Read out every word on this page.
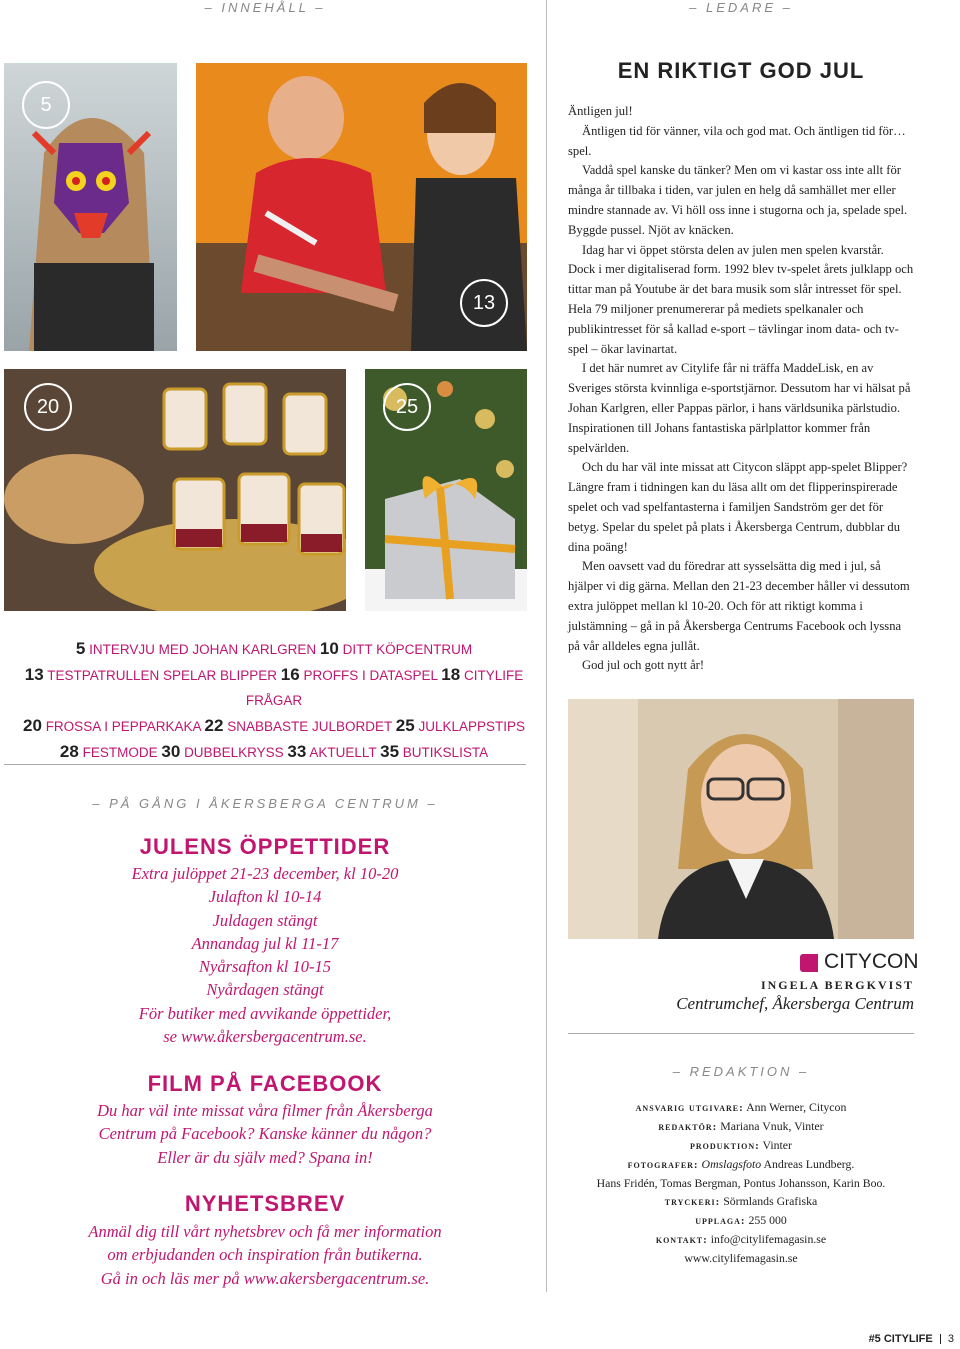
– INNEHÅLL –	– LEDARE –
5
13
20	25
5 INTERVJU MED JOHAN KARLGREN 10 DITT KÖPCENTRUM
13 TESTPATRULLEN SPELAR BLIPPER 16 PROFFS I DATASPEL 18 CITYLIFE FRÅGAR
20 FROSSA I PEPPARKAKA 22 SNABBASTE JULBORDET 25 JULKLAPPSTIPS
28 FESTMODE 30 DUBBELKRYSS 33 AKTUELLT 35 BUTIKSLISTA
EN RIKTIGT GOD JUL

Äntligen jul!

Äntligen tid för vänner, vila och god mat. Och äntligen tid för… spel.

Vaddå spel kanske du tänker? Men om vi kastar oss inte allt för många år tillbaka i tiden, var julen en helg då samhället mer eller mindre stannade av. Vi höll oss inne i stugorna och ja, spelade spel. Byggde pussel. Njöt av knäcken.

Idag har vi öppet största delen av julen men spelen kvarstår. Dock i mer digitaliserad form. 1992 blev tv-spelet årets julklapp och tittar man på Youtube är det bara musik som slår intresset för spel. Hela 79 miljoner prenumererar på mediets spelkanaler och publikintresset för så kallad e-sport – tävlingar inom data- och tv-spel – ökar lavinartat.

I det här numret av Citylife får ni träffa MaddeLisk, en av Sveriges största kvinnliga e-sportstjärnor. Dessutom har vi hälsat på Johan Karlgren, eller Pappas pärlor, i hans världsunika pärlstudio. Inspirationen till Johans fantastiska pärlplattor kommer från spelvärlden.

Och du har väl inte missat att Citycon släppt app-spelet Blipper? Längre fram i tidningen kan du läsa allt om det flipperinspirerade spelet och vad spelfantasterna i familjen Sandström ger det för betyg. Spelar du spelet på plats i Åkersberga Centrum, dubblar du dina poäng!

Men oavsett vad du föredrar att sysselsätta dig med i jul, så hjälper vi dig gärna. Mellan den 21-23 december håller vi dessutom extra julöppet mellan kl 10-20. Och för att riktigt komma i julstämning – gå in på Åkersberga Centrums Facebook och lyssna på vår alldeles egna jullåt.

God jul och gott nytt år!

CITYCON
INGELA BERGKVIST
Centrumchef, Åkersberga Centrum
– REDAKTION –
ansvarig utgivare: Ann Werner, Citycon
redaktör: Mariana Vnuk, Vinter
produktion: Vinter
fotografer: Omslagsfoto Andreas Lundberg.
Hans Fridén, Tomas Bergman, Pontus Johansson, Karin Boo.
tryckeri: Sörmlands Grafiska
upplaga: 255 000
kontakt: info@citylifemagasin.se
www.citylifemagasin.se
– PÅ GÅNG I ÅKERSBERGA CENTRUM –
JULENS ÖPPETTIDER
Extra julöppet 21-23 december, kl 10-20
Julafton kl 10-14
Juldagen stängt
Annandag jul kl 11-17
Nyårsafton kl 10-15
Nyårdagen stängt
För butiker med avvikande öppettider,
se www.åkersbergacentrum.se.
FILM PÅ FACEBOOK
Du har väl inte missat våra filmer från Åkersberga
Centrum på Facebook? Kanske känner du någon?
Eller är du själv med? Spana in!
NYHETSBREV
Anmäl dig till vårt nyhetsbrev och få mer information
om erbjudanden och inspiration från butikerna.
Gå in och läs mer på www.akersbergacentrum.se.
#5 CITYLIFE 3
